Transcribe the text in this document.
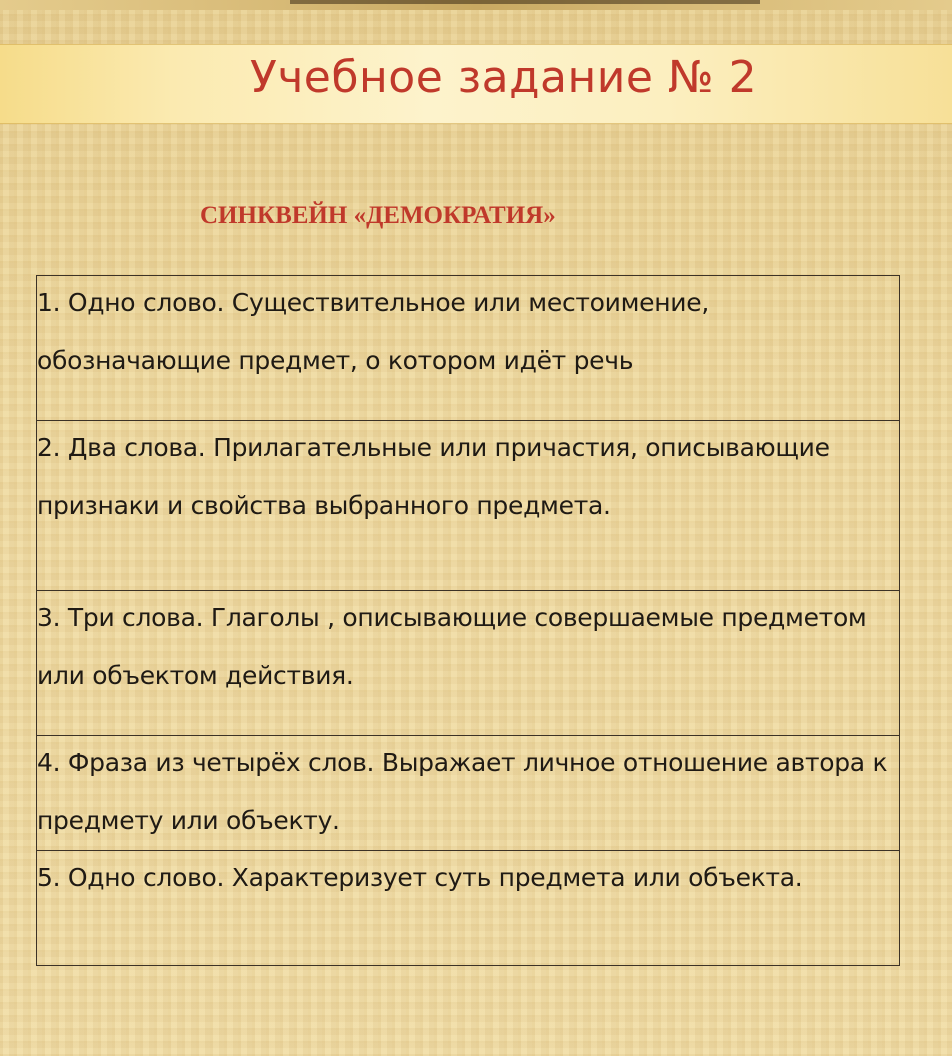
Учебное задание № 2
СИНКВЕЙН «ДЕМОКРАТИЯ»
1. Одно слово. Существительное или местоимение, обозначающие предмет, о котором идёт речь

2. Два слова. Прилагательные или причастия, описывающие признаки и свойства выбранного предмета.

3. Три слова. Глаголы , описывающие совершаемые предметом или объектом действия.

4. Фраза из четырёх слов. Выражает личное отношение автора к предмету или объекту.

5. Одно слово. Характеризует суть предмета или объекта.
